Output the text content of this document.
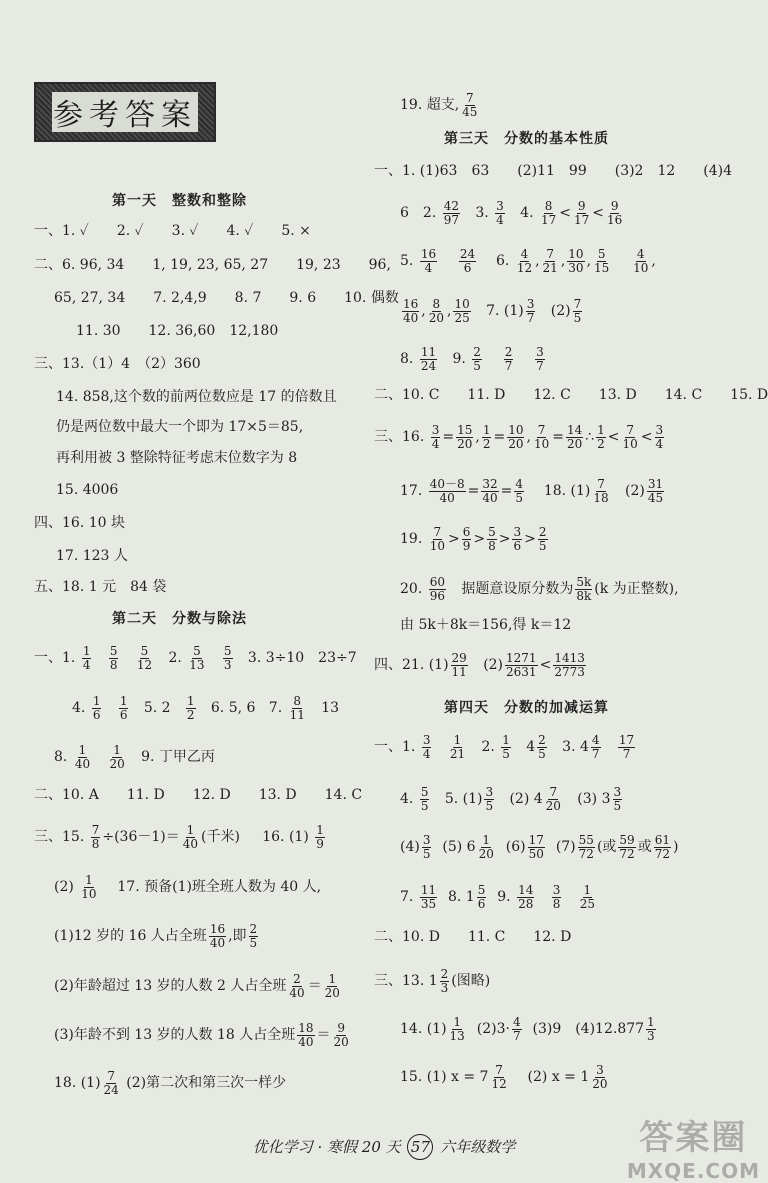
参考答案
第一天　整数和整除
一、1. ✓　　2. ✓　　3. ✓　　4. ✓　　5. ×
二、6. 96, 34　　1, 19, 23, 65, 27　　19, 23　　96,
65, 27, 34　　7. 2,4,9　　8. 7　　9. 6　　10. 偶数
11. 30　　12. 36,60　12,180
三、13.（1）4　（2）360
14. 858,这个数的前两位数应是 17 的倍数且
仍是两位数中最大一个即为 17×5＝85,
再利用被 3 整除特征考虑末位数字为 8
15. 4006
四、16. 10 块
17. 123 人
五、18. 1 元　84 袋
第二天　分数与除法
一、1. $\frac{1}{4}$
$\frac{5}{8}$
$\frac{5}{12} 2$. $\frac{5}{13}$
$\frac{5}{3} 3$. 3÷10　23÷7
4. $\frac{1}{6}$
$\frac{1}{6} 5$. $2 \frac{1}{2} 6$. 5, 6 7. $\frac{8}{11} 13$
8. $\frac{1}{40}$
$\frac{1}{20} 9$. 丁甲乙丙
二、10. A　　11. D　　12. D　　13. D　　14. C
三、15. $\frac{7}{8} \div(36-1)= \frac{1}{40}$ (千米) 16. $(1) \frac{1}{9}$
$(2) \frac{1}{10} 17$. 预备(1)班全班人数为 40 人,
(1)12 岁的 16 人占全班 $\frac{16}{40}$ ,即 $\frac{2}{5}$
(2)年龄超过 13 岁的人数 2 人占全班 $\frac{2}{40} = \frac{1}{20}$
(3)年龄不到 13 岁的人数 18 人占全班 $\frac{18}{40} = \frac{9}{20}$
18. $(1) \frac{7}{24} (2)$第二次和第三次一样少
19. 超支, $\frac{7}{45}$
第三天　分数的基本性质
一、1. (1)63　63　　(2)11　99　　(3)2　12　　(4)4
6　2. $\frac{42}{97} 3$. $\frac{3}{4} 4$. $\frac{8}{17} < \frac{9}{17} < \frac{9}{16}$
5. $\frac{16}{4}$
$\frac{24}{6} 6$. $\frac{4}{12}$ , $\frac{7}{21}$ , $\frac{10}{30}$ , $\frac{5}{15}$
$\frac{4}{10}$ ,
$\frac{16}{40}$ , $\frac{8}{20}$ , $\frac{10}{25} 7$. $(1) \frac{3}{7} (2) \frac{7}{5}$
8. $\frac{11}{24} 9$. $\frac{2}{5}$
$\frac{2}{7}$
$\frac{3}{7}$
二、10. C　　11. D　　12. C　　13. D　　14. C　　15. D
三、16. $\frac{3}{4} = \frac{15}{20}$ , $\frac{1}{2} = \frac{10}{20}$ , $\frac{7}{10} = \frac{14}{20}$ ∴ $\frac{1}{2} < \frac{7}{10} < \frac{3}{4}$
17. $\frac{40-8}{40} = \frac{32}{40} = \frac{4}{5} 18$. $(1) \frac{7}{18} (2) \frac{31}{45}$
19. $\frac{7}{10} > \frac{6}{9} > \frac{5}{8} > \frac{3}{6} > \frac{2}{5}$
20. $\frac{60}{96}$ 据题意设原分数为 $\frac{5k}{8k} (k$ 为正整数),
由 5k＋8k＝156,得 k＝12
四、21. $(1) \frac{29}{11} (2) \frac{1271}{2631} < \frac{1413}{2773}$
第四天　分数的加减运算
一、1. $\frac{3}{4}$
$\frac{1}{21} 2$. $\frac{1}{5} 4 \frac{2}{5} 3$. $4 \frac{4}{7}$
$\frac{17}{7}$
4. $\frac{5}{5} 5$. $(1) \frac{3}{5} (2)$ $4 \frac{7}{20} (3)$ $3 \frac{3}{5}$
$(4) \frac{3}{5} (5)$ $6 \frac{1}{20} (6) \frac{17}{50} (7) \frac{55}{72}$ (或 $\frac{59}{72}$ 或 $\frac{61}{72}$ )
7. $\frac{11}{35} 8$. $1 \frac{5}{6} 9$. $\frac{14}{28}$
$\frac{3}{8}$
$\frac{1}{25}$
二、10. D　　11. C　　12. D
三、13. $1 \frac{2}{3}$ (图略)
14. $(1) \frac{1}{13} (2)3\cdot \frac{4}{7} (3)9$　$(4)12.877 \frac{1}{3}$
15. (1) $x = 7 \frac{7}{12} (2) x = 1 \frac{3}{20}$
优化学习 · 寒假 20 天 57 六年级数学	答案圈
MXQE.COM
